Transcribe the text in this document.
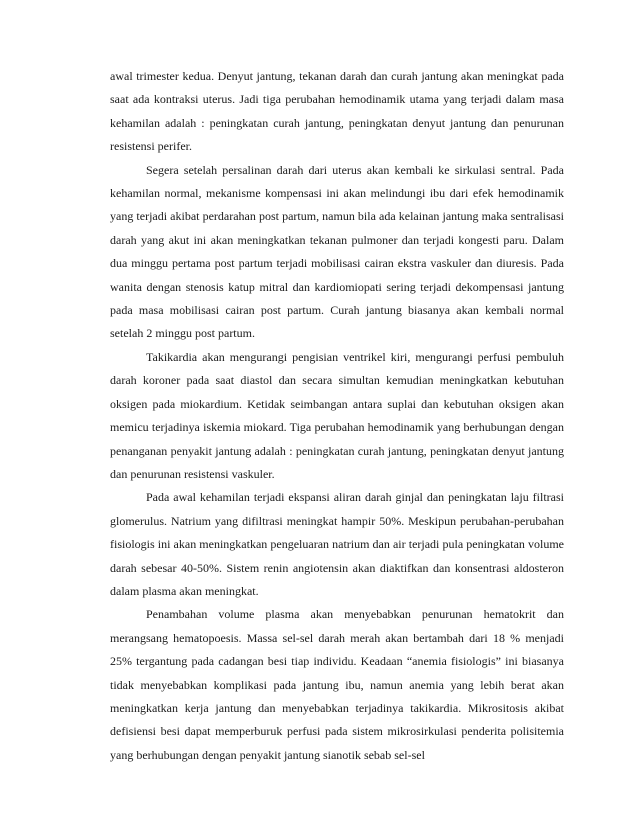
awal trimester kedua. Denyut jantung, tekanan darah dan curah jantung akan meningkat pada saat ada kontraksi uterus. Jadi tiga perubahan hemodinamik utama yang terjadi dalam masa kehamilan adalah : peningkatan curah jantung, peningkatan denyut jantung dan penurunan resistensi perifer.

Segera setelah persalinan darah dari uterus akan kembali ke sirkulasi sentral. Pada kehamilan normal, mekanisme kompensasi ini akan melindungi ibu dari efek hemodinamik yang terjadi akibat perdarahan post partum, namun bila ada kelainan jantung maka sentralisasi darah yang akut ini akan meningkatkan tekanan pulmoner dan terjadi kongesti paru. Dalam dua minggu pertama post partum terjadi mobilisasi cairan ekstra vaskuler dan diuresis. Pada wanita dengan stenosis katup mitral dan kardiomiopati sering terjadi dekompensasi jantung pada masa mobilisasi cairan post partum. Curah jantung biasanya akan kembali normal setelah 2 minggu post partum.

Takikardia akan mengurangi pengisian ventrikel kiri, mengurangi perfusi pembuluh darah koroner pada saat diastol dan secara simultan kemudian meningkatkan kebutuhan oksigen pada miokardium. Ketidak seimbangan antara suplai dan kebutuhan oksigen akan memicu terjadinya iskemia miokard. Tiga perubahan hemodinamik yang berhubungan dengan penanganan penyakit jantung adalah : peningkatan curah jantung, peningkatan denyut jantung dan penurunan resistensi vaskuler.

Pada awal kehamilan terjadi ekspansi aliran darah ginjal dan peningkatan laju filtrasi glomerulus. Natrium yang difiltrasi meningkat hampir 50%. Meskipun perubahan-perubahan fisiologis ini akan meningkatkan pengeluaran natrium dan air terjadi pula peningkatan volume darah sebesar 40-50%. Sistem renin angiotensin akan diaktifkan dan konsentrasi aldosteron dalam plasma akan meningkat.

Penambahan volume plasma akan menyebabkan penurunan hematokrit dan merangsang hematopoesis. Massa sel-sel darah merah akan bertambah dari 18 % menjadi 25% tergantung pada cadangan besi tiap individu. Keadaan “anemia fisiologis” ini biasanya tidak menyebabkan komplikasi pada jantung ibu, namun anemia yang lebih berat akan meningkatkan kerja jantung dan menyebabkan terjadinya takikardia. Mikrositosis akibat defisiensi besi dapat memperburuk perfusi pada sistem mikrosirkulasi penderita polisitemia yang berhubungan dengan penyakit jantung sianotik sebab sel-sel
